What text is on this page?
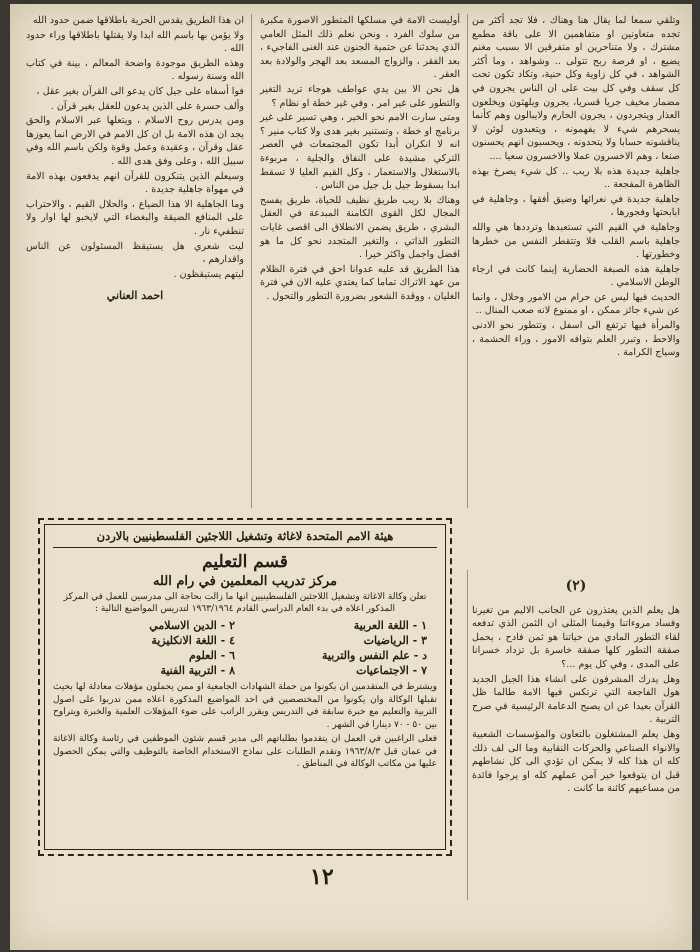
وتلقي سمعا لما يقال هنا وهناك ، فلا تجد أكثر من تجده متعاونين او متفاهمين الا على باقة مطمع مشترك ، ولا متناحرين او متفرقين الا بسبب مغنم يضيع ، او فرصة ربح تتولى .. وشواهد ، وما أكثر الشواهد ، في كل زاوية وكل حنية، وتكاد تكون تحت كل سقف وفي كل بيت على ان الناس يجرون في مضمار مخيف جريا قسريا، يجرون ويلهثون ويخلعون العذار ويتجردون ، يجرون الحارم ولايبالون وهم كأنما يسحرهم شيء لا يفهمونه ، ويتعبدون لوثن لا يناقشونه حسابا ولا يتحدونه ، ويحسبون انهم يحسنون صنعا ، وهم الاخسرون عملا والاخسرون سعيا ....

جاهلية جديدة هذه بلا ريب .. كل شيء يصرخ بهذه الظاهرة المفجعة ..

جاهلية جديدة في نعرائها وضيق أفقها ، وجاهلية في ابابحتها وفجورها ،

وجاهلية في القيم التي تستعبدها وترددها هي والله جاهلية باسم القلب فلا وتتقطر النفس من خطرها وخطورتها .

جاهلية هذه الصبغة الحضارية إينما كانت في ارجاء الوطن الاسلامي .

الحديث فيها ليس عن حرام من الامور وحلال ، وانما عن شيء جائز ممكن ، او ممنوع لانه صعب المنال ..

والمرأة فيها ترتفع الى اسفل ، وتتطور نحو الادنى والاحط ، وتبرر العلم بتوافه الامور ، وراء الحشمة ، وسياج الكرامة .

(٢)

هل يعلم الذين يعتذرون عن الجانب الاليم من تغيرنا وفساد مروءاتنا وقيمنا المثلى ان الثمن الذي تدفعه لقاء التطور المادي من حياتنا هو ثمن فادح ، يحمل صفقة التطور كلها صفقة خاسرة بل تزداد خسرانا على المدى ، وفي كل يوم ...؟

وهل يدرك المشرفون على انشاء هذا الجيل الجديد هول الفاجعة التي ترتكس فيها الامة طالما ظل القرآن بعيدا عن ان يصبح الدعامة الرئيسية في صرح التربية .

وهل يعلم المشتغلون بالتعاون والمؤسسات الشعبية والانواء الصناعي والحركات النقابية وما الى لف ذلك كله ان هذا كله لا يمكن ان تؤدي الى كل نشاطهم قبل ان يتوقعوا خير آمن عملهم كله او يرجوا فائدة من مساعيهم كائنة ما كانت .

أوليست الامة في مسلكها المتطور الاصورة مكبرة من سلوك الفرد ، ونحن نعلم ذلك المثل العامي الذي يحدثنا عن حتمية الجنون عند الغنى الفاجيء ، بعد الفقر ، والزواج المسعد بعد الهجر والولادة بعد العقر .

هل نحن الا بين يدي عواطف هوجاء تريد التغير والتطور على غير امر ، وفي غير خطة او نظام ؟

ومتى سارت الامم نحو الخير ، وهي تسير على غير برنامج او خطة ، وتستنير بغير هدى ولا كتاب منير ؟ انه لا انكران أبدا تكون المجتمعات في العصر التركي مشيدة على النفاق والجلية ، مربوءة بالاستغلال والاستعمار ، وكل القيم العليا لا تسقط ابدا بسقوط جيل بل جيل من الناس .

وهناك بلا ريب طريق نظيف للحياة، طريق يفسح المجال لكل القوى الكامنة المبدعة في العقل البشري ، طريق يضمن الانطلاق الى اقصى غايات التطور الذاتي ، والتغير المتجدد نحو كل ما هو افضل واجمل واكثر خيرا .

هذا الطريق قد عليه عدوانا احق في فترة الظلام من عهد الاتراك تماما كما يعتدي عليه الان في فترة الغليان ، ووقدة الشعور بضرورة التطور والتحول .

ان هذا الطريق يقدس الحرية باطلاقها ضمن حدود الله

ولا يؤمن بها باسم الله ابدا ولا يقتلها باطلاقها وراء حدود الله .

وهذه الطريق موجودة واضحة المعالم ، بينة في كتاب الله وسنة رسوله .

فوا أسفاه على جيل كان يدعو الى القرآن بغير عقل ،

وألف حسرة على الذين يدعون للعقل بغير قرآن .

ومن يدرس روح الاسلام ، ويتعلها عبر الاسلام والحق يجد ان هذه الامة بل ان كل الامم في الارض انما يعوزها عقل وقرآن ، وعقيدة وعمل وقوة ولكن باسم الله وفي سبيل الله ، وعلى وفق هدى الله .

وسيعلم الذين يتنكرون للقرآن انهم يدفعون بهذه الامة في مهواة جاهلية جديدة .

وما الجاهلية الا هذا الضياع ، والحلال القيم ، والاحتراب على المنافع الضيقة والبغضاء التي لايخبو لها اوار ولا تنطفيء نار .

ليت شعري هل يستيقظ المسئولون عن الناس واقدارهم ،

ليتهم يستيقظون .

احمد العناني
هيئة الامم المتحدة لاغاثة وتشغيل اللاجئين الفلسطينيين بالاردن
قسم التعليم
مركز تدريب المعلمين في رام الله
تعلن وكالة الاغاثة وتشغيل اللاجئين الفلسطينيين انها ما زالت بحاجة الى مدرسين للعمل في المركز المذكور اعلاه في بدء العام الدراسي القادم ١٩٦٣/١٩٦٤ لتدريس المواضيع التالية :
١ - اللغة العربية
٢ - الدين الاسلامي
٣ - الرياضيات
٤ - اللغة الانكليزية
د - علم النفس والتربية
٦ - العلوم
٧ - الاجتماعيات
٨ - التربية الفنية
ويشترط في المتقدمين ان يكونوا من حملة الشهادات الجامعية او ممن يحملون مؤهلات معادلة لها بحيث تقبلها الوكالة وان يكونوا من المختصصين في احد المواضيع المذكورة اعلاه ممن تدربوا على اصول التربية والتعليم مع خبرة سابقة في التدريس ويقرر الراتب على ضوء المؤهلات العلمية والخبرة ويتراوح بين ٥٠ - ٧٠ دينارا في الشهر .
فعلى الراغبين في العمل ان يتقدموا بطلباتهم الى مدير قسم شئون الموظفين في رئاسة وكالة الاغاثة في عمان قبل ١٩٦٣/٨/٣ وتقدم الطلبات على نماذج الاستخدام الخاصة بالتوظيف والتي يمكن الحصول عليها من مكاتب الوكالة في المناطق .
١٢
